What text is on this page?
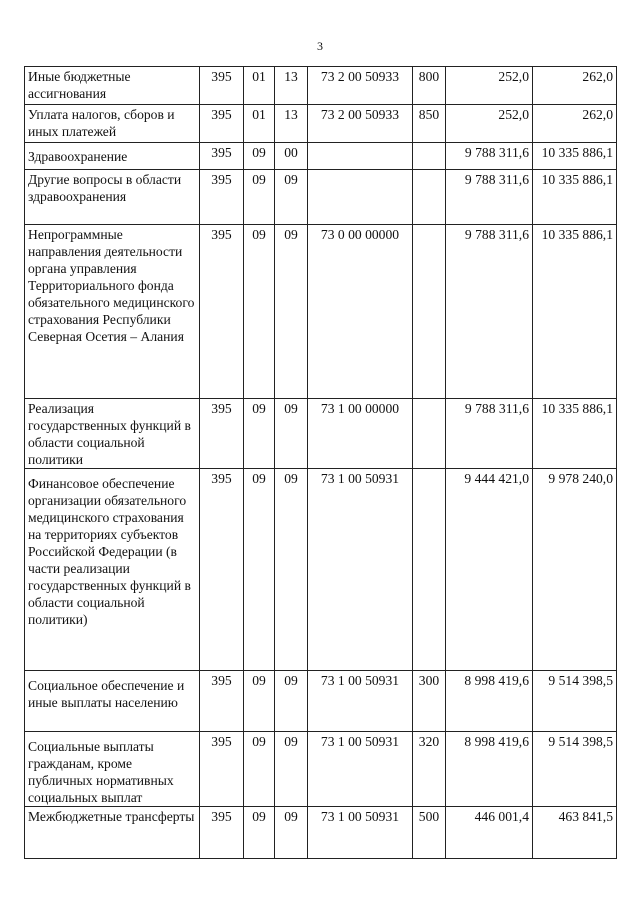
3
Иные бюджетные ассигнования	395	01	13	73 2 00 50933	800	252,0	262,0
Уплата налогов, сборов и иных платежей	395	01	13	73 2 00 50933	850	252,0	262,0
Здравоохранение	395	09	00			9 788 311,6	10 335 886,1
Другие вопросы в области здравоохранения	395	09	09			9 788 311,6	10 335 886,1
Непрограммные направления деятельности органа управления Территориального фонда обязательного медицинского страхования Республики Северная Осетия – Алания	395	09	09	73 0 00 00000		9 788 311,6	10 335 886,1
Реализация государственных функций в области социальной политики	395	09	09	73 1 00 00000		9 788 311,6	10 335 886,1
Финансовое обеспечение организации обязательного медицинского страхования на территориях субъектов Российской Федерации (в части реализации государственных функций в области социальной политики)	395	09	09	73 1 00 50931		9 444 421,0	9 978 240,0
Социальное обеспечение и иные выплаты населению	395	09	09	73 1 00 50931	300	8 998 419,6	9 514 398,5
Социальные выплаты гражданам, кроме публичных нормативных социальных выплат	395	09	09	73 1 00 50931	320	8 998 419,6	9 514 398,5
Межбюджетные трансферты	395	09	09	73 1 00 50931	500	446 001,4	463 841,5
